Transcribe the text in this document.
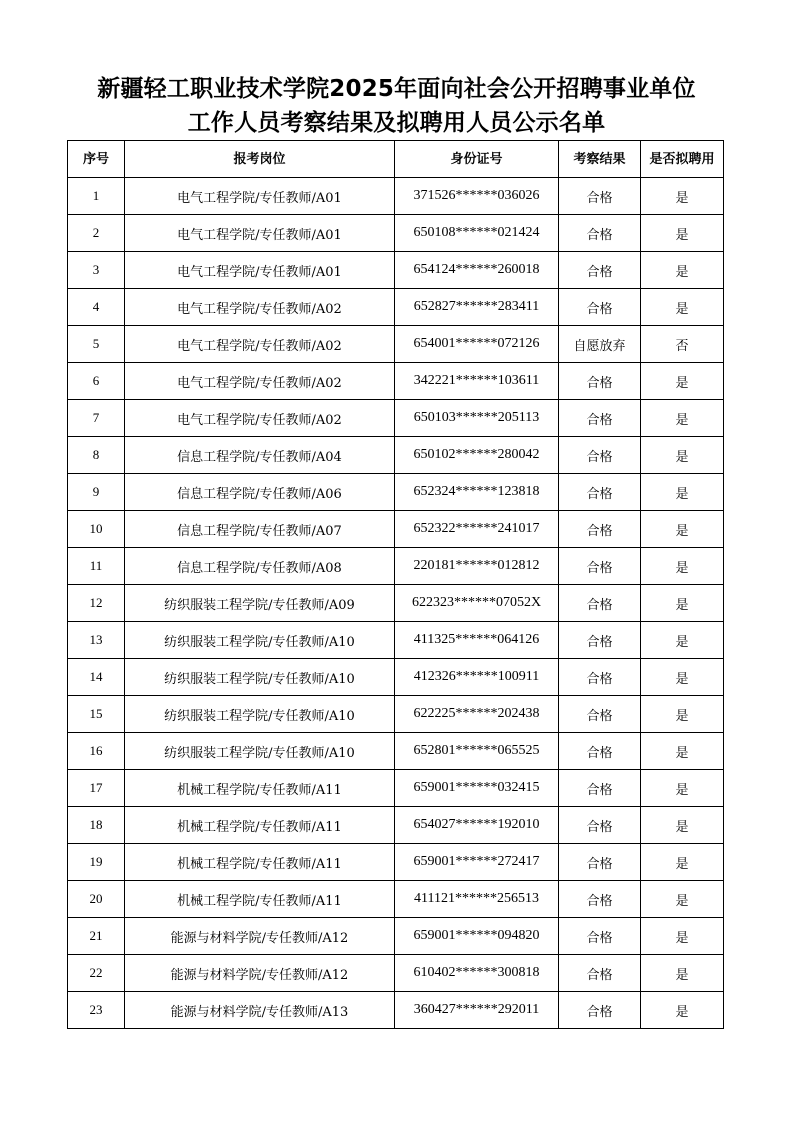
新疆轻工职业技术学院2025年面向社会公开招聘事业单位
工作人员考察结果及拟聘用人员公示名单
序号	报考岗位	身份证号	考察结果	是否拟聘用
1	电气工程学院/专任教师/A01	371526******036026	合格	是
2	电气工程学院/专任教师/A01	650108******021424	合格	是
3	电气工程学院/专任教师/A01	654124******260018	合格	是
4	电气工程学院/专任教师/A02	652827******283411	合格	是
5	电气工程学院/专任教师/A02	654001******072126	自愿放弃	否
6	电气工程学院/专任教师/A02	342221******103611	合格	是
7	电气工程学院/专任教师/A02	650103******205113	合格	是
8	信息工程学院/专任教师/A04	650102******280042	合格	是
9	信息工程学院/专任教师/A06	652324******123818	合格	是
10	信息工程学院/专任教师/A07	652322******241017	合格	是
11	信息工程学院/专任教师/A08	220181******012812	合格	是
12	纺织服装工程学院/专任教师/A09	622323******07052X	合格	是
13	纺织服装工程学院/专任教师/A10	411325******064126	合格	是
14	纺织服装工程学院/专任教师/A10	412326******100911	合格	是
15	纺织服装工程学院/专任教师/A10	622225******202438	合格	是
16	纺织服装工程学院/专任教师/A10	652801******065525	合格	是
17	机械工程学院/专任教师/A11	659001******032415	合格	是
18	机械工程学院/专任教师/A11	654027******192010	合格	是
19	机械工程学院/专任教师/A11	659001******272417	合格	是
20	机械工程学院/专任教师/A11	411121******256513	合格	是
21	能源与材料学院/专任教师/A12	659001******094820	合格	是
22	能源与材料学院/专任教师/A12	610402******300818	合格	是
23	能源与材料学院/专任教师/A13	360427******292011	合格	是
